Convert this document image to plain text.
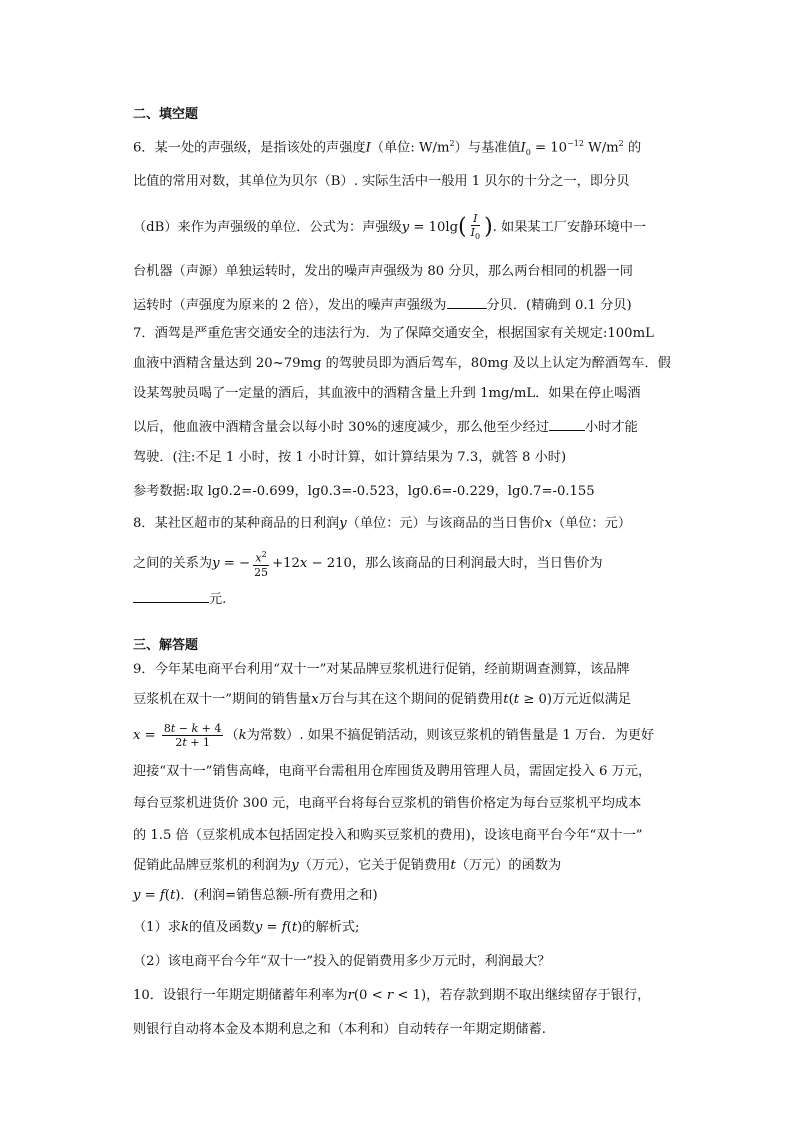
二、填空题
6．某一处的声强级，是指该处的声强度I（单位: $W/m^2$）与基准值$I_0 = 10^{-12}$ $W/m^2$ 的
比值的常用对数，其单位为贝尔（B）. 实际生活中一般用 1 贝尔的十分之一，即分贝
（dB）来作为声强级的单位．公式为：声强级$y = 10\lg( \frac{I}{I_0}$ ). 如果某工厂安静环境中一
台机器（声源）单独运转时，发出的噪声声强级为 80 分贝，那么两台相同的机器一同
运转时（声强度为原来的 2 倍），发出的噪声声强级为	分贝．(精确到 0.1 分贝)
7．酒驾是严重危害交通安全的违法行为．为了保障交通安全，根据国家有关规定:100mL
血液中酒精含量达到 20~79mg 的驾驶员即为酒后驾车，80mg 及以上认定为醉酒驾车．假
设某驾驶员喝了一定量的酒后，其血液中的酒精含量上升到 1mg/mL．如果在停止喝酒
以后，他血液中酒精含量会以每小时 30%的速度减少，那么他至少经过	小时才能
驾驶．(注:不足 1 小时，按 1 小时计算，如计算结果为 7.3，就答 8 小时)
参考数据:取 lg0.2=-0.699，lg0.3=-0.523，lg0.6=-0.229，lg0.7=-0.155
8．某社区超市的某种商品的日利润y（单位：元）与该商品的当日售价x（单位：元）
之间的关系为y = − $\frac{x^2}{25} +12x - 210$，那么该商品的日利润最大时，当日售价为
元.
三、解答题
9．今年某电商平台利用“双十一”对某品牌豆浆机进行促销，经前期调查测算，该品牌
豆浆机在双十一”期间的销售量x万台与其在这个期间的促销费用t(t ≥ 0)万元近似满足
$x = \frac{8t - k + 4}{2t + 1} (k$为常数）. 如果不搞促销活动，则该豆浆机的销售量是 1 万台．为更好
迎接“双十一”销售高峰，电商平台需租用仓库囤货及聘用管理人员，需固定投入 6 万元，
每台豆浆机进货价 300 元，电商平台将每台豆浆机的销售价格定为每台豆浆机平均成本
的 1.5 倍（豆浆机成本包括固定投入和购买豆浆机的费用)，设该电商平台今年“双十一”
促销此品牌豆浆机的利润为y（万元），它关于促销费用t（万元）的函数为
y = f(t)．(利润=销售总额-所有费用之和)
（1）求k的值及函数y = f(t)的解析式;
（2）该电商平台今年“双十一”投入的促销费用多少万元时，利润最大？
10．设银行一年期定期储蓄年利率为r(0 < r < 1)，若存款到期不取出继续留存于银行，
则银行自动将本金及本期利息之和（本利和）自动转存一年期定期储蓄.
